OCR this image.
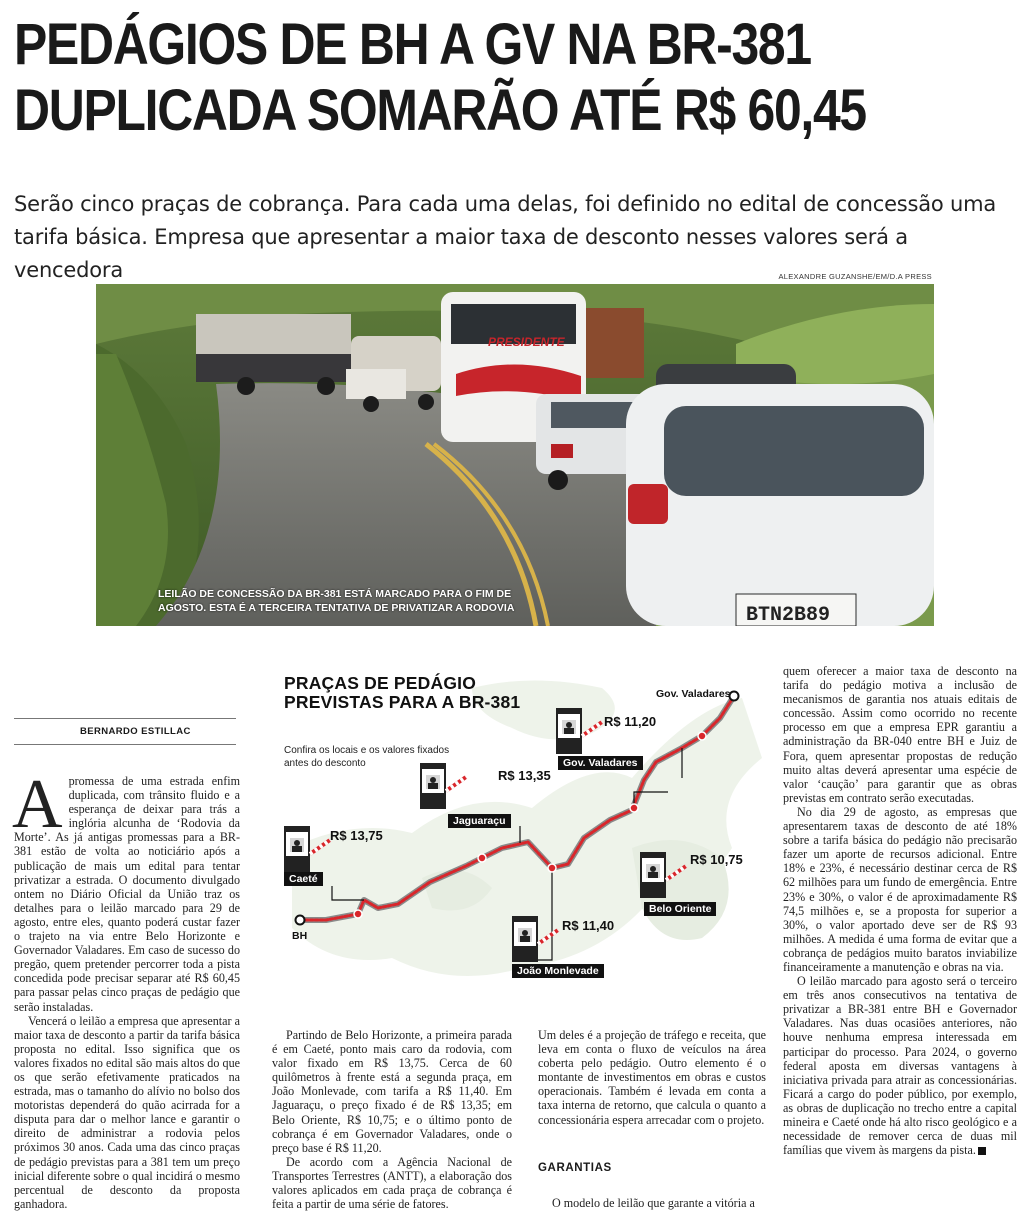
PEDÁGIOS DE BH A GV NA BR-381
DUPLICADA SOMARÃO ATÉ R$ 60,45
Serão cinco praças de cobrança. Para cada uma delas, foi definido no edital de concessão uma tarifa básica. Empresa que apresentar a maior taxa de desconto nesses valores será a vencedora	ALEXANDRE GUZANSHE/EM/D.A PRESS
PRESIDENTE
BTN2B89
LEILÃO DE CONCESSÃO DA BR-381 ESTÁ MARCADO PARA O FIM DE AGOSTO. ESTA É A TERCEIRA TENTATIVA DE PRIVATIZAR A RODOVIA
BERNARDO ESTILLAC

Apromessa de uma estrada enfim duplicada, com trânsito fluido e a esperança de deixar para trás a inglória alcunha de ‘Rodovia da Morte’. As já antigas promessas para a BR-381 estão de volta ao noticiário após a publicação de mais um edital para tentar privatizar a estrada. O documento divulgado ontem no Diário Oficial da União traz os detalhes para o leilão marcado para 29 de agosto, entre eles, quanto poderá custar fazer o trajeto na via entre Belo Horizonte e Governador Valadares. Em caso de sucesso do pregão, quem pretender percorrer toda a pista concedida pode precisar separar até R$ 60,45 para passar pelas cinco praças de pedágio que serão instaladas.

Vencerá o leilão a empresa que apresentar a maior taxa de desconto a partir da tarifa básica proposta no edital. Isso significa que os valores fixados no edital são mais altos do que os que serão efetivamente praticados na estrada, mas o tamanho do alívio no bolso dos motoristas dependerá do quão acirrada for a disputa para dar o melhor lance e garantir o direito de administrar a rodovia pelos próximos 30 anos. Cada uma das cinco praças de pedágio previstas para a 381 tem um preço inicial diferente sobre o qual incidirá o mesmo percentual de desconto da proposta ganhadora.

PRAÇAS DE PEDÁGIO PREVISTAS PARA A BR-381
Confira os locais e os valores fixados antes do desconto
BH
Gov. Valadares
Caeté
R$ 13,75
João Monlevade
R$ 11,40
Jaguaraçu
R$ 13,35
Belo Oriente
R$ 10,75
Gov. Valadares
R$ 11,20

Partindo de Belo Horizonte, a primeira parada é em Caeté, ponto mais caro da rodovia, com valor fixado em R$ 13,75. Cerca de 60 quilômetros à frente está a segunda praça, em João Monlevade, com tarifa a R$ 11,40. Em Jaguaraçu, o preço fixado é de R$ 13,35; em Belo Oriente, R$ 10,75; e o último ponto de cobrança é em Governador Valadares, onde o preço base é R$ 11,20.

De acordo com a Agência Nacional de Transportes Terrestres (ANTT), a elaboração dos valores aplicados em cada praça de cobrança é feita a partir de uma série de fatores.

Um deles é a projeção de tráfego e receita, que leva em conta o fluxo de veículos na área coberta pelo pedágio. Outro elemento é o montante de investimentos em obras e custos operacionais. Também é levada em conta a taxa interna de retorno, que calcula o quanto a concessionária espera arrecadar com o projeto.

GARANTIAS

O modelo de leilão que garante a vitória a

quem oferecer a maior taxa de desconto na tarifa do pedágio motiva a inclusão de mecanismos de garantia nos atuais editais de concessão. Assim como ocorrido no recente processo em que a empresa EPR garantiu a administração da BR-040 entre BH e Juiz de Fora, quem apresentar propostas de redução muito altas deverá apresentar uma espécie de valor ‘caução’ para garantir que as obras previstas em contrato serão executadas.

No dia 29 de agosto, as empresas que apresentarem taxas de desconto de até 18% sobre a tarifa básica do pedágio não precisarão fazer um aporte de recursos adicional. Entre 18% e 23%, é necessário destinar cerca de R$ 62 milhões para um fundo de emergência. Entre 23% e 30%, o valor é de aproximadamente R$ 74,5 milhões e, se a proposta for superior a 30%, o valor aportado deve ser de R$ 93 milhões. A medida é uma forma de evitar que a cobrança de pedágios muito baratos inviabilize financeiramente a manutenção e obras na via.

O leilão marcado para agosto será o terceiro em três anos consecutivos na tentativa de privatizar a BR-381 entre BH e Governador Valadares. Nas duas ocasiões anteriores, não houve nenhuma empresa interessada em participar do processo. Para 2024, o governo federal aposta em diversas vantagens à iniciativa privada para atrair as concessionárias. Ficará a cargo do poder público, por exemplo, as obras de duplicação no trecho entre a capital mineira e Caeté onde há alto risco geológico e a necessidade de remover cerca de duas mil famílias que vivem às margens da pista.
